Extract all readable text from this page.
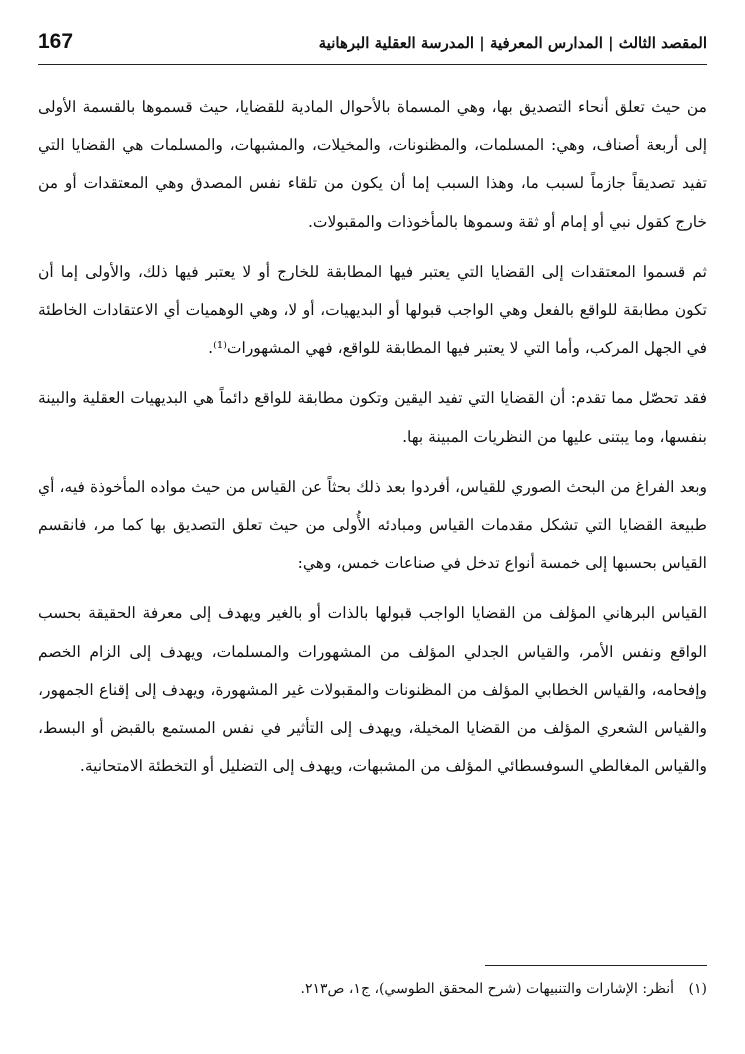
167	المقصد الثالث | المدارس المعرفية | المدرسة العقلية البرهانية

من حيث تعلق أنحاء التصديق بها، وهي المسماة بالأحوال المادية للقضايا، حيث قسموها بالقسمة الأولى إلى أربعة أصناف، وهي: المسلمات، والمظنونات، والمخيلات، والمشبهات، والمسلمات هي القضايا التي تفيد تصديقاً جازماً لسبب ما، وهذا السبب إما أن يكون من تلقاء نفس المصدق وهي المعتقدات أو من خارج كقول نبي أو إمام أو ثقة وسموها بالمأخوذات والمقبولات.

ثم قسموا المعتقدات إلى القضايا التي يعتبر فيها المطابقة للخارج أو لا يعتبر فيها ذلك، والأولى إما أن تكون مطابقة للواقع بالفعل وهي الواجب قبولها أو البديهيات، أو لا، وهي الوهميات أي الاعتقادات الخاطئة في الجهل المركب، وأما التي لا يعتبر فيها المطابقة للواقع، فهي المشهورات⁽¹⁾.

فقد تحصّل مما تقدم: أن القضايا التي تفيد اليقين وتكون مطابقة للواقع دائماً هي البديهيات العقلية والبينة بنفسها، وما يبتنى عليها من النظريات المبينة بها.

وبعد الفراغ من البحث الصوري للقياس، أفردوا بعد ذلك بحثاً عن القياس من حيث مواده المأخوذة فيه، أي طبيعة القضايا التي تشكل مقدمات القياس ومبادئه الأُولى من حيث تعلق التصديق بها كما مر، فانقسم القياس بحسبها إلى خمسة أنواع تدخل في صناعات خمس، وهي:

القياس البرهاني المؤلف من القضايا الواجب قبولها بالذات أو بالغير ويهدف إلى معرفة الحقيقة بحسب الواقع ونفس الأمر، والقياس الجدلي المؤلف من المشهورات والمسلمات، ويهدف إلى الزام الخصم وإفحامه، والقياس الخطابي المؤلف من المظنونات والمقبولات غير المشهورة، ويهدف إلى إقناع الجمهور، والقياس الشعري المؤلف من القضايا المخيلة، ويهدف إلى التأثير في نفس المستمع بالقبض أو البسط، والقياس المغالطي السوفسطائي المؤلف من المشبهات، ويهدف إلى التضليل أو التخطئة الامتحانية.

(١) أنظر: الإشارات والتنبيهات (شرح المحقق الطوسي)، ج١، ص٢١٣.
